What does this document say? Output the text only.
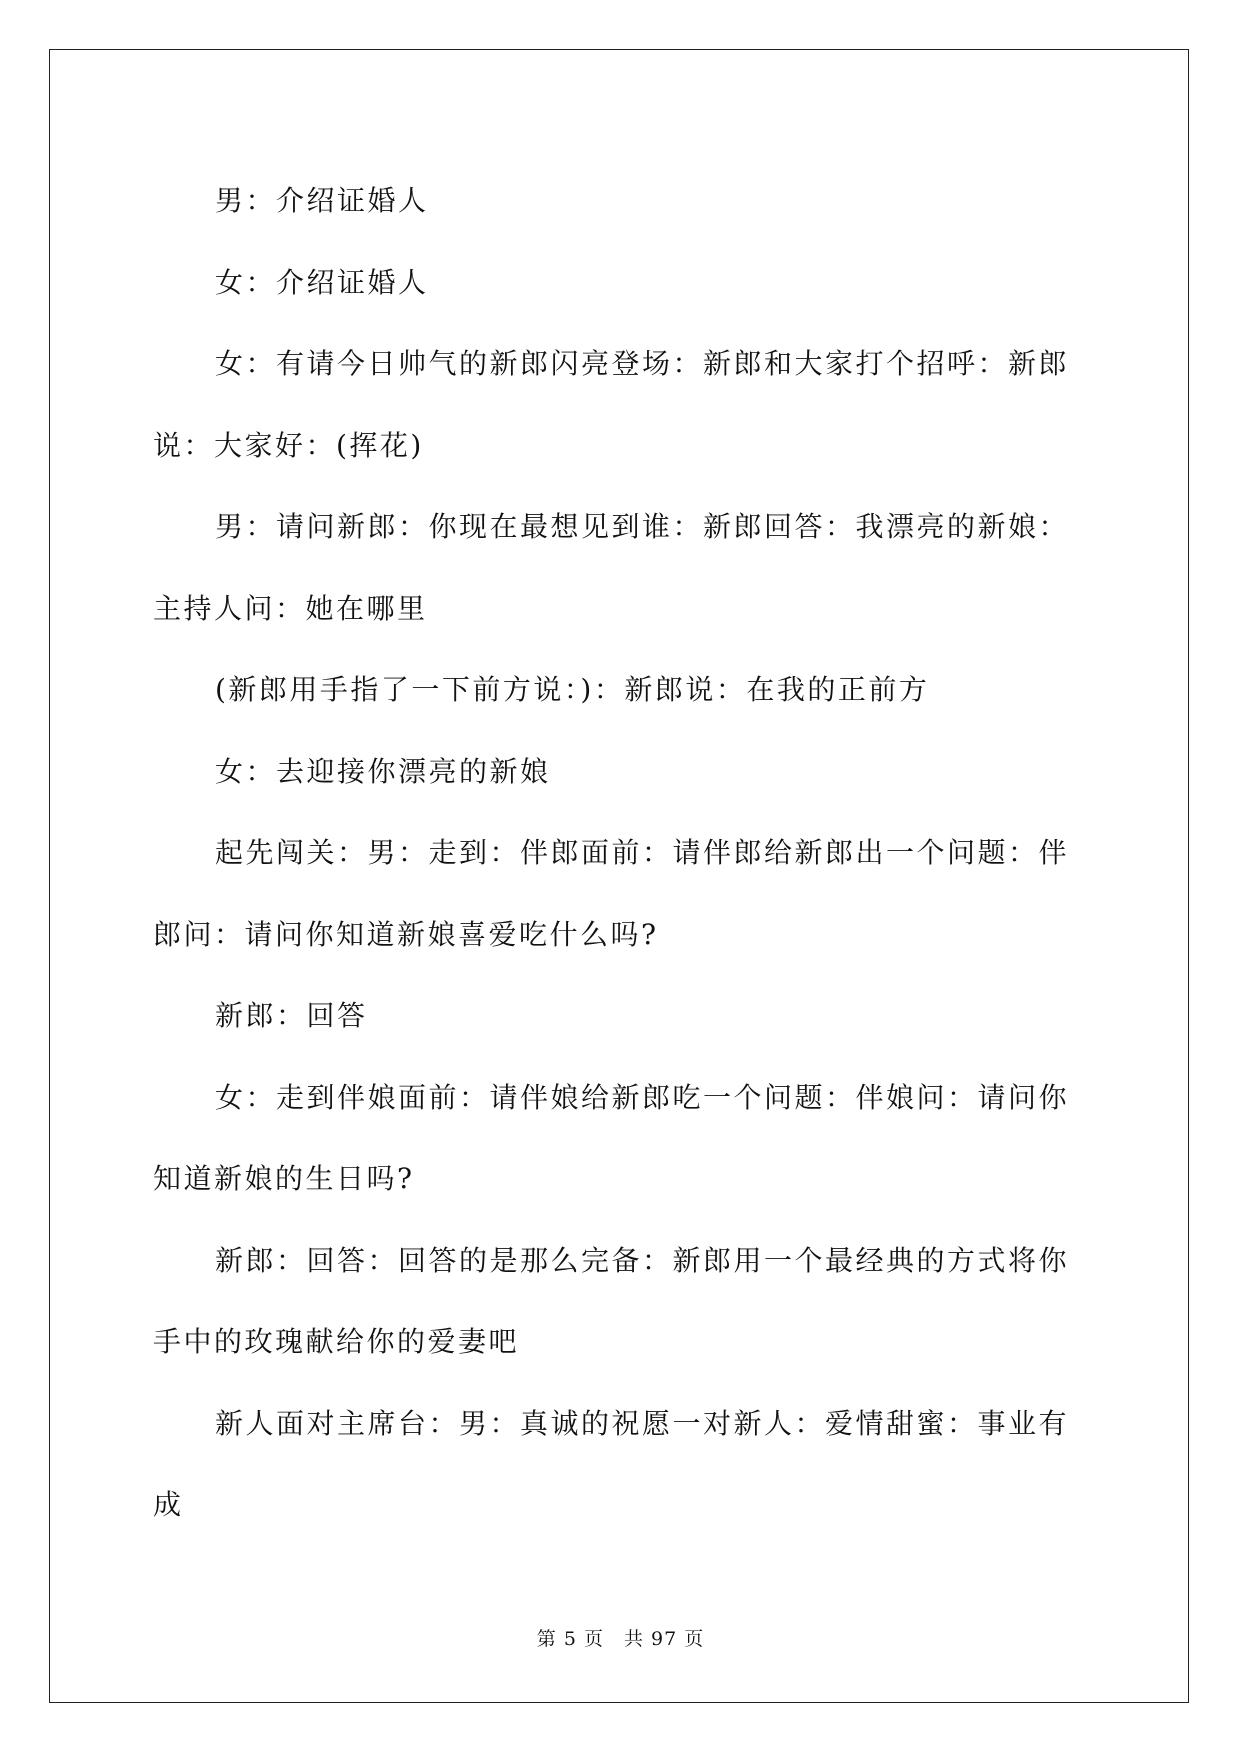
男：介绍证婚人

女：介绍证婚人

女：有请今日帅气的新郎闪亮登场：新郎和大家打个招呼：新郎说：大家好：(挥花)

男：请问新郎：你现在最想见到谁：新郎回答：我漂亮的新娘：主持人问：她在哪里

(新郎用手指了一下前方说：)：新郎说：在我的正前方

女：去迎接你漂亮的新娘

起先闯关：男：走到：伴郎面前：请伴郎给新郎出一个问题：伴郎问：请问你知道新娘喜爱吃什么吗?

新郎：回答

女：走到伴娘面前：请伴娘给新郎吃一个问题：伴娘问：请问你知道新娘的生日吗?

新郎：回答：回答的是那么完备：新郎用一个最经典的方式将你手中的玫瑰献给你的爱妻吧

新人面对主席台：男：真诚的祝愿一对新人：爱情甜蜜：事业有成

第 5 页 共 97 页
